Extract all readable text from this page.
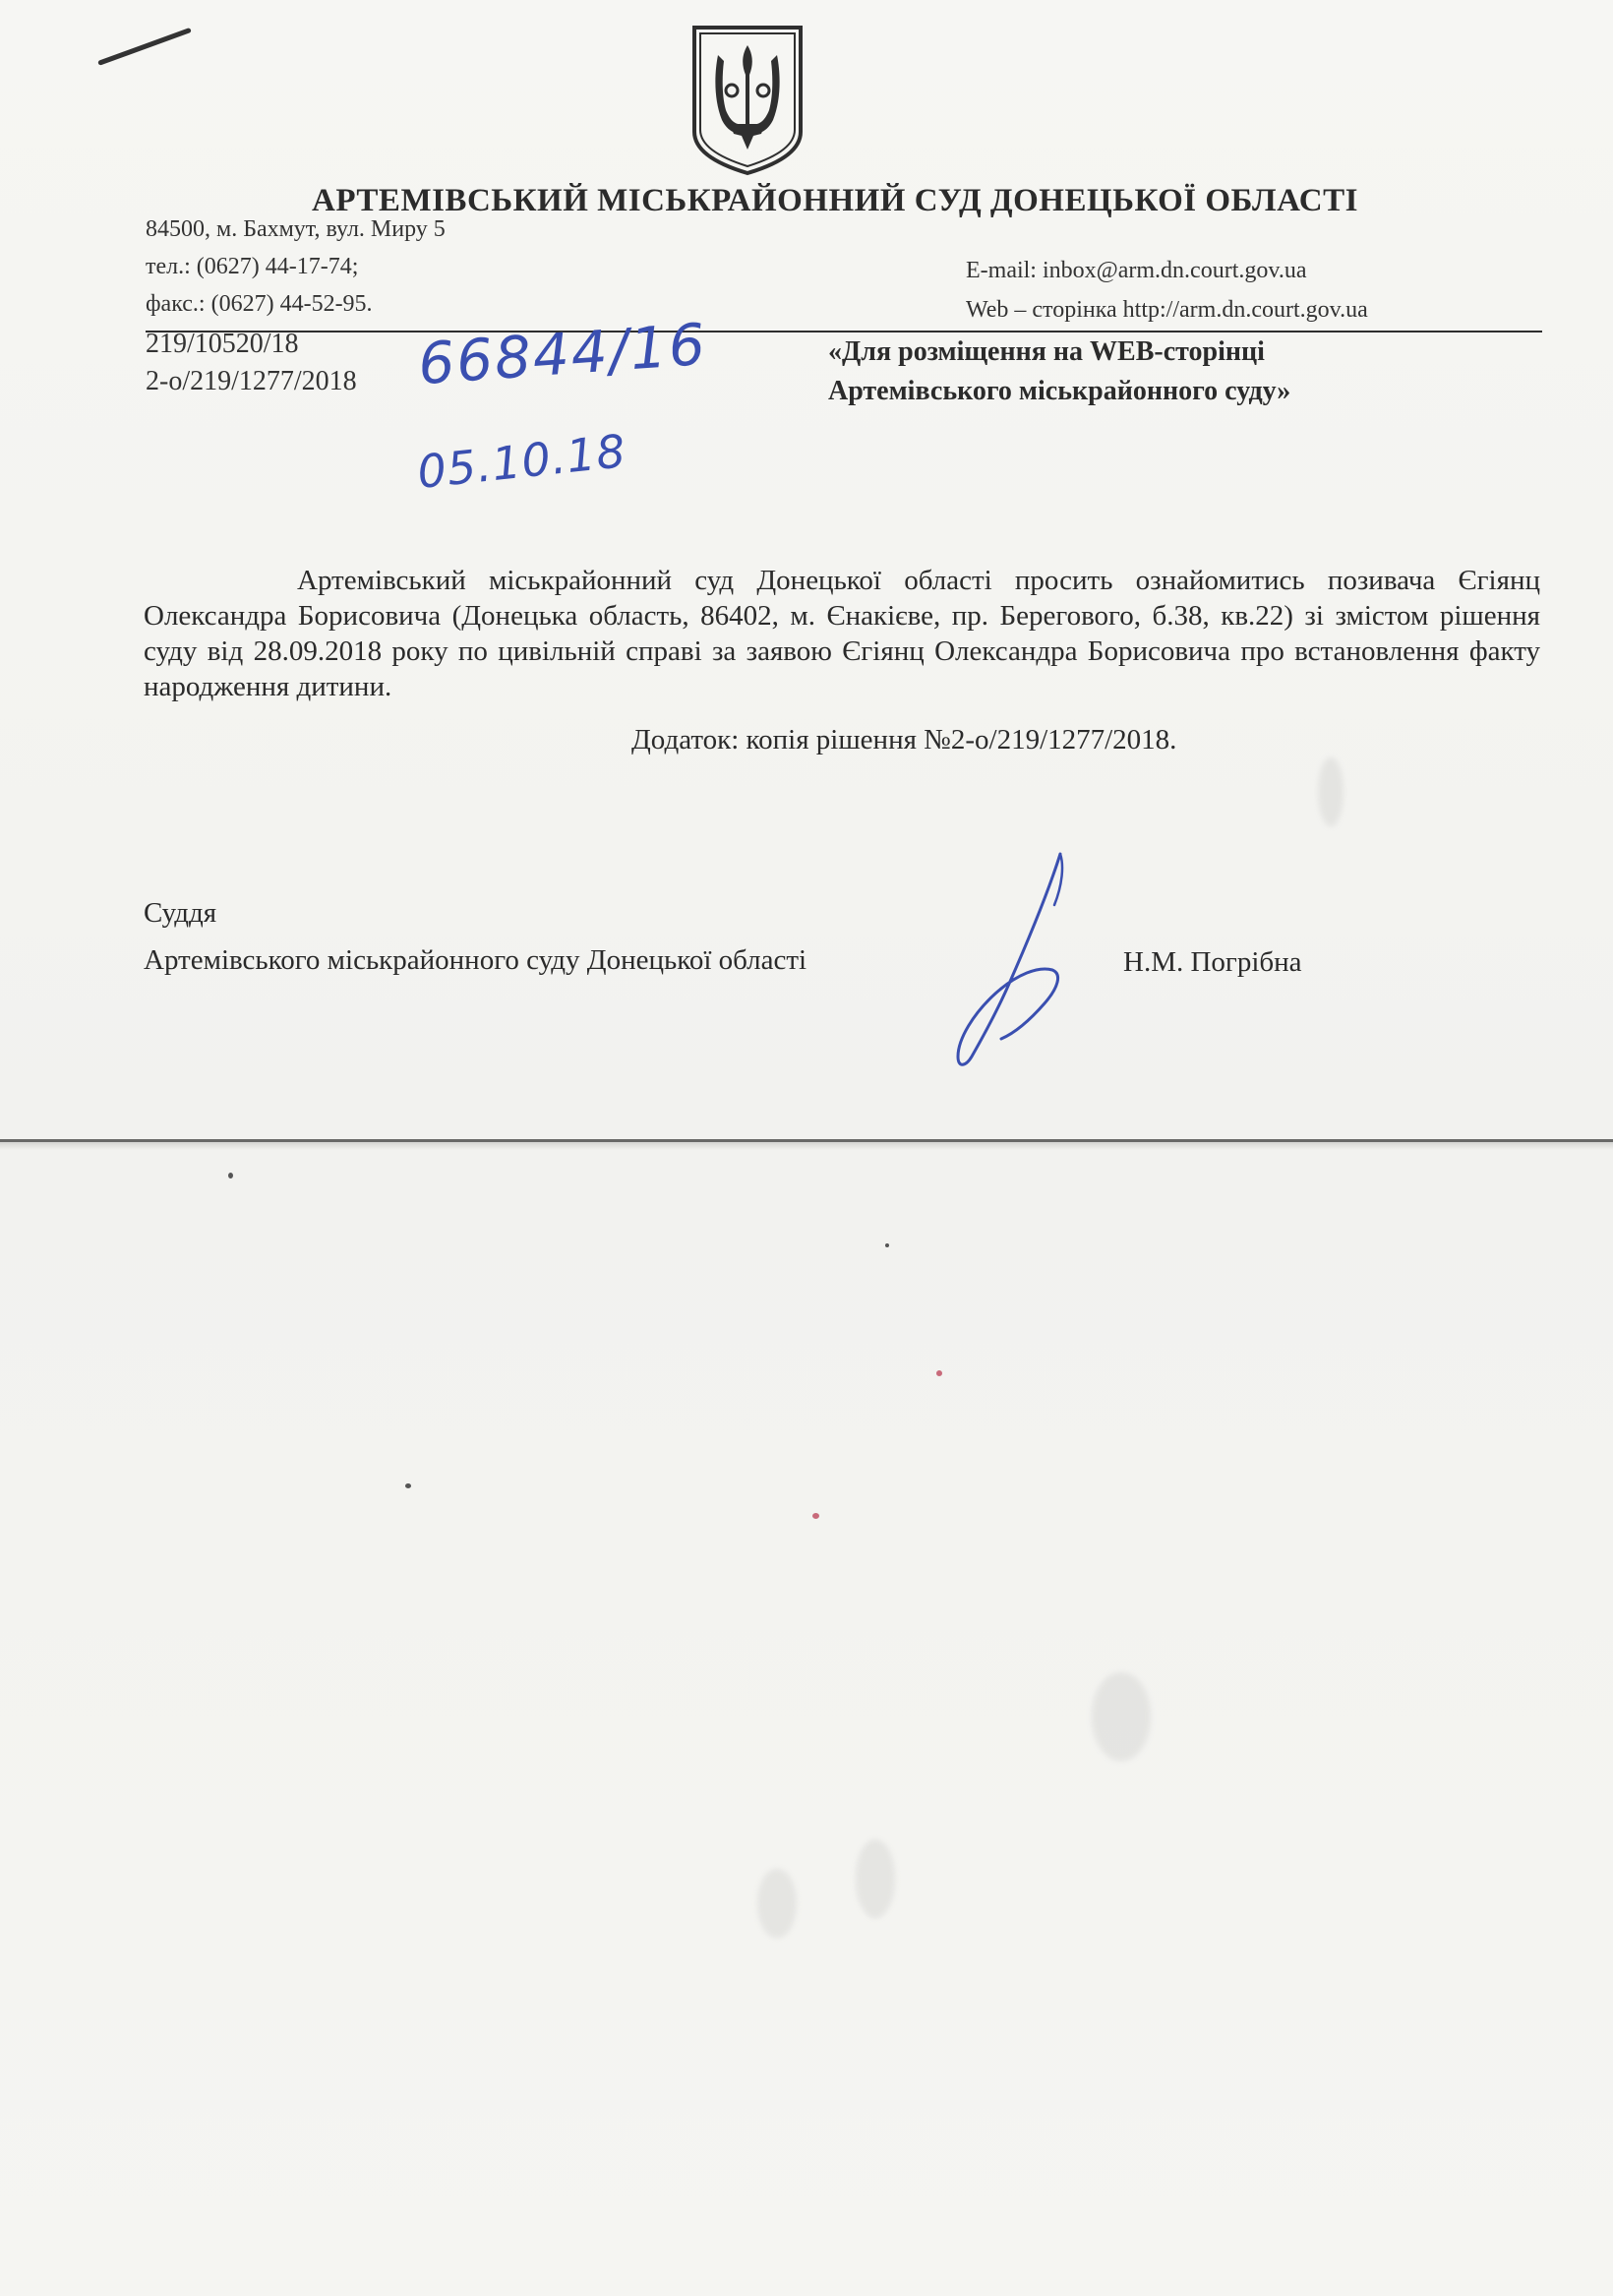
АРТЕМІВСЬКИЙ МІСЬКРАЙОННИЙ СУД ДОНЕЦЬКОЇ ОБЛАСТІ
84500, м. Бахмут, вул. Миру 5
тел.: (0627) 44-17-74;
факс.: (0627) 44-52-95.
E-mail: inbox@arm.dn.court.gov.ua
Web – сторінка http://arm.dn.court.gov.ua
219/10520/18
2-о/219/1277/2018
«Для розміщення на WEB-сторінці
Артемівського міськрайонного суду»
66844/16
05.10.18

Артемівський міськрайонний суд Донецької області просить ознайомитись позивача Єгіянц Олександра Борисовича (Донецька область, 86402, м. Єнакієве, пр. Берегового, б.38, кв.22) зі змістом рішення суду від 28.09.2018 року по цивільній справі за заявою Єгіянц Олександра Борисовича про встановлення факту народження дитини.

Додаток: копія рішення №2-о/219/1277/2018.
Суддя
Артемівського міськрайонного суду Донецької області	Н.М. Погрібна
